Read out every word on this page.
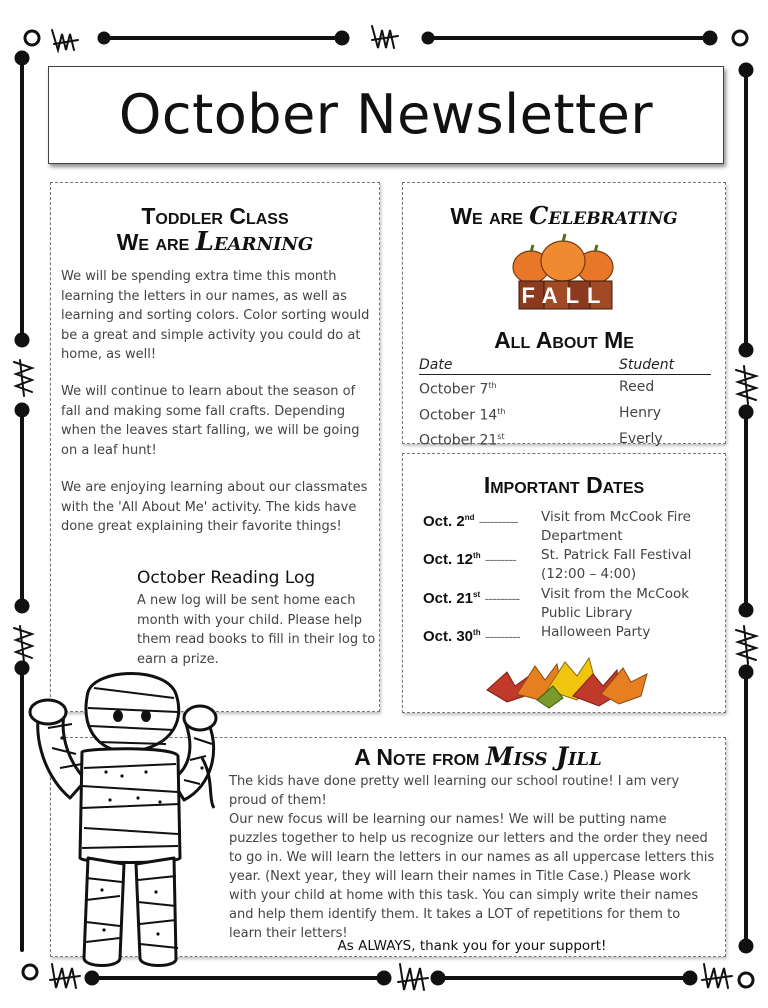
October Newsletter
Toddler Class
We are Learning

We will be spending extra time this month learning the letters in our names, as well as learning and sorting colors. Color sorting would be a great and simple activity you could do at home, as well!

We will continue to learn about the season of fall and making some fall crafts. Depending when the leaves start falling, we will be going on a leaf hunt!

We are enjoying learning about our classmates with the 'All About Me' activity. The kids have done great explaining their favorite things!

October Reading Log

A new log will be sent home each month with your child. Please help them read books to fill in their log to earn a prize.

We are Celebrating
FALL
All About Me
Date	Student
October 7th	Reed
October 14th	Henry
October 21st	Everly
Important Dates
Oct. 2nd ---------- Visit from McCook Fire Department
Oct. 12th -------- St. Patrick Fall Festival (12:00 – 4:00)
Oct. 21st --------- Visit from the McCook Public Library
Oct. 30th --------- Halloween Party
A Note from Miss Jill

The kids have done pretty well learning our school routine! I am very proud of them!

Our new focus will be learning our names! We will be putting name puzzles together to help us recognize our letters and the order they need to go in. We will learn the letters in our names as all uppercase letters this year. (Next year, they will learn their names in Title Case.) Please work with your child at home with this task. You can simply write their names and help them identify them. It takes a LOT of repetitions for them to learn their letters!

As ALWAYS, thank you for your support!
